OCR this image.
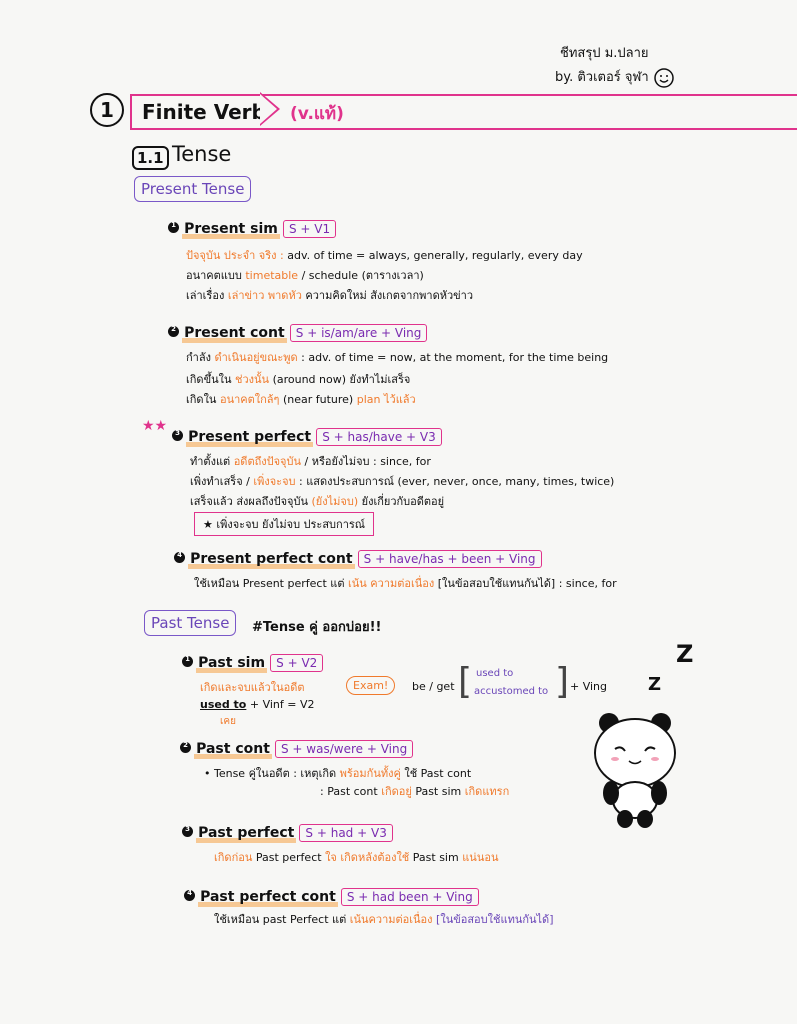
ชีทสรุป ม.ปลาย
by. ติวเตอร์ จุฬา
1	Finite Verb	(v.แท้)
1.1 Tense
Present Tense
1 Present sim S + V1
ปัจจุบัน ประจำ จริง : adv. of time = always, generally, regularly, every day
อนาคตแบบ timetable / schedule (ตารางเวลา)
เล่าเรื่อง เล่าข่าว พาดหัว ความคิดใหม่ สังเกตจากพาดหัวข่าว
2 Present cont S + is/am/are + Ving
กำลัง ดำเนินอยู่ขณะพูด : adv. of time = now, at the moment, for the time being
เกิดขึ้นใน ช่วงนั้น (around now) ยังทำไม่เสร็จ
เกิดใน อนาคตใกล้ๆ (near future) plan ไว้แล้ว
★★	3 Present perfect S + has/have + V3
ทำตั้งแต่ อดีตถึงปัจจุบัน / หรือยังไม่จบ : since, for
เพิ่งทำเสร็จ / เพิ่งจะจบ : แสดงประสบการณ์ (ever, never, once, many, times, twice)
เสร็จแล้ว ส่งผลถึงปัจจุบัน (ยังไม่จบ) ยังเกี่ยวกับอดีตอยู่
★ เพิ่งจะจบ ยังไม่จบ ประสบการณ์
4 Present perfect cont S + have/has + been + Ving
ใช้เหมือน Present perfect แต่ เน้น ความต่อเนื่อง [ในข้อสอบใช้แทนกันได้] : since, for
Past Tense	#Tense คู่ ออกบ่อย!!
1 Past sim S + V2
เกิดและจบแล้วในอดีต	Exam!	be / get [ used to
accustomed to ] + Ving
used to + Vinf = V2
เคย
2 Past cont S + was/were + Ving
• Tense คู่ในอดีต : เหตุเกิด พร้อมกันทั้งคู่ ใช้ Past cont
: Past cont เกิดอยู่ Past sim เกิดแทรก
3 Past perfect S + had + V3
เกิดก่อน Past perfect ใจ เกิดหลังต้องใช้ Past sim แน่นอน
4 Past perfect cont S + had been + Ving
ใช้เหมือน past Perfect แต่ เน้นความต่อเนื่อง [ในข้อสอบใช้แทนกันได้]
Z
Z
